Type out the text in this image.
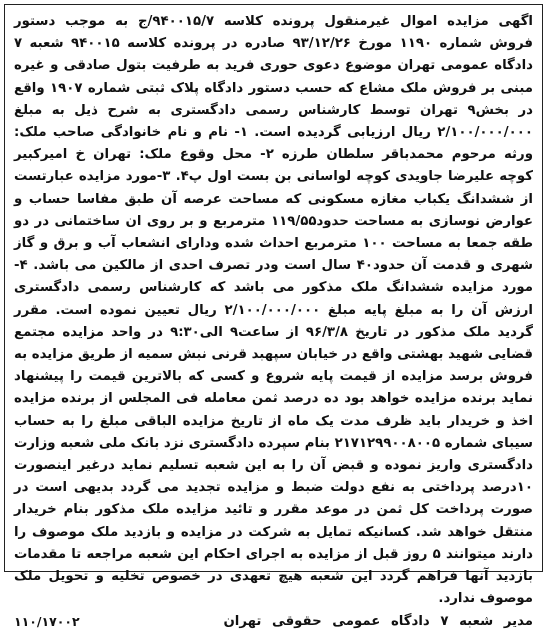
اگهی مزایده اموال غیرمنقول پرونده کلاسه ۹۴۰۰۱۵/۷/ج به موجب دستور فروش شماره ۱۱۹۰ مورخ ۹۳/۱۲/۲۶ صادره در پرونده کلاسه ۹۴۰۰۱۵ شعبه ۷ دادگاه عمومی تهران موضوع دعوی حوری فرید به طرفیت بتول صادقی و غیره مبنی بر فروش ملک مشاع که حسب دستور دادگاه پلاک ثبتی شماره ۱۹۰۷ واقع در بخش۹ تهران توسط کارشناس رسمی دادگستری به شرح ذیل به مبلغ ۲/۱۰۰/۰۰۰/۰۰۰ ریال ارزیابی گردیده است. ۱- نام و نام خانوادگی صاحب ملک: ورثه مرحوم محمدباقر سلطان طرزه ۲- محل وقوع ملک: تهران خ امیرکبیر کوچه علیرضا جاویدی کوچه لواسانی بن بست اول پ۴. ۳-مورد مزایده عبارتست از ششدانگ یکباب مغازه مسکونی که مساحت عرصه آن طبق مفاسا حساب و عوارض نوسازی به مساحت حدود۱۱۹/۵۵ مترمربع و بر روی ان ساختمانی در دو طقه جمعا به مساحت ۱۰۰ مترمربع احداث شده ودارای انشعاب آب و برق و گاز شهری و قدمت آن حدود۴۰ سال است ودر تصرف احدی از مالکین می باشد. ۴-مورد مزایده ششدانگ ملک مذکور می باشد که کارشناس رسمی دادگستری ارزش آن را به مبلغ پایه مبلغ ۲/۱۰۰/۰۰۰/۰۰۰ ریال تعیین نموده است. مقرر گردید ملک مذکور در تاریخ ۹۶/۳/۸ از ساعت۹ الی۹:۳۰ در واحد مزایده مجتمع قضایی شهید بهشتی واقع در خیابان سپهبد قرنی نبش سمیه از طریق مزایده به فروش برسد مزایده از قیمت پایه شروع و کسی که بالاترین قیمت را پیشنهاد نماید برنده مزایده خواهد بود ده درصد ثمن معامله فی المجلس از برنده مزایده اخذ و خریدار باید ظرف مدت یک ماه از تاریخ مزایده الباقی مبلغ را به حساب سیبای شماره ۲۱۷۱۲۹۹۰۰۸۰۰۵ بنام سپرده دادگستری نزد بانک ملی شعبه وزارت دادگستری واریز نموده و قبض آن را به این شعبه تسلیم نماید درغیر اینصورت ۱۰درصد پرداختی به نفع دولت ضبط و مزایده تجدید می گردد بدیهی است در صورت پرداخت کل ثمن در موعد مقرر و تائید مزایده ملک مذکور بنام خریدار منتقل خواهد شد. کسانیکه تمایل به شرکت در مزایده و بازدید ملک موصوف را دارند میتوانند ۵ روز قبل از مزایده به اجرای احکام این شعبه مراجعه تا مقدمات بازدید آنها فراهم گردد این شعبه هیچ تعهدی در خصوص تخلیه و تحویل ملک موصوف ندارد.

۱۱۰/۱۷۰۰۲	مدیر شعبه ۷ دادگاه عمومی حقوقی تهران
